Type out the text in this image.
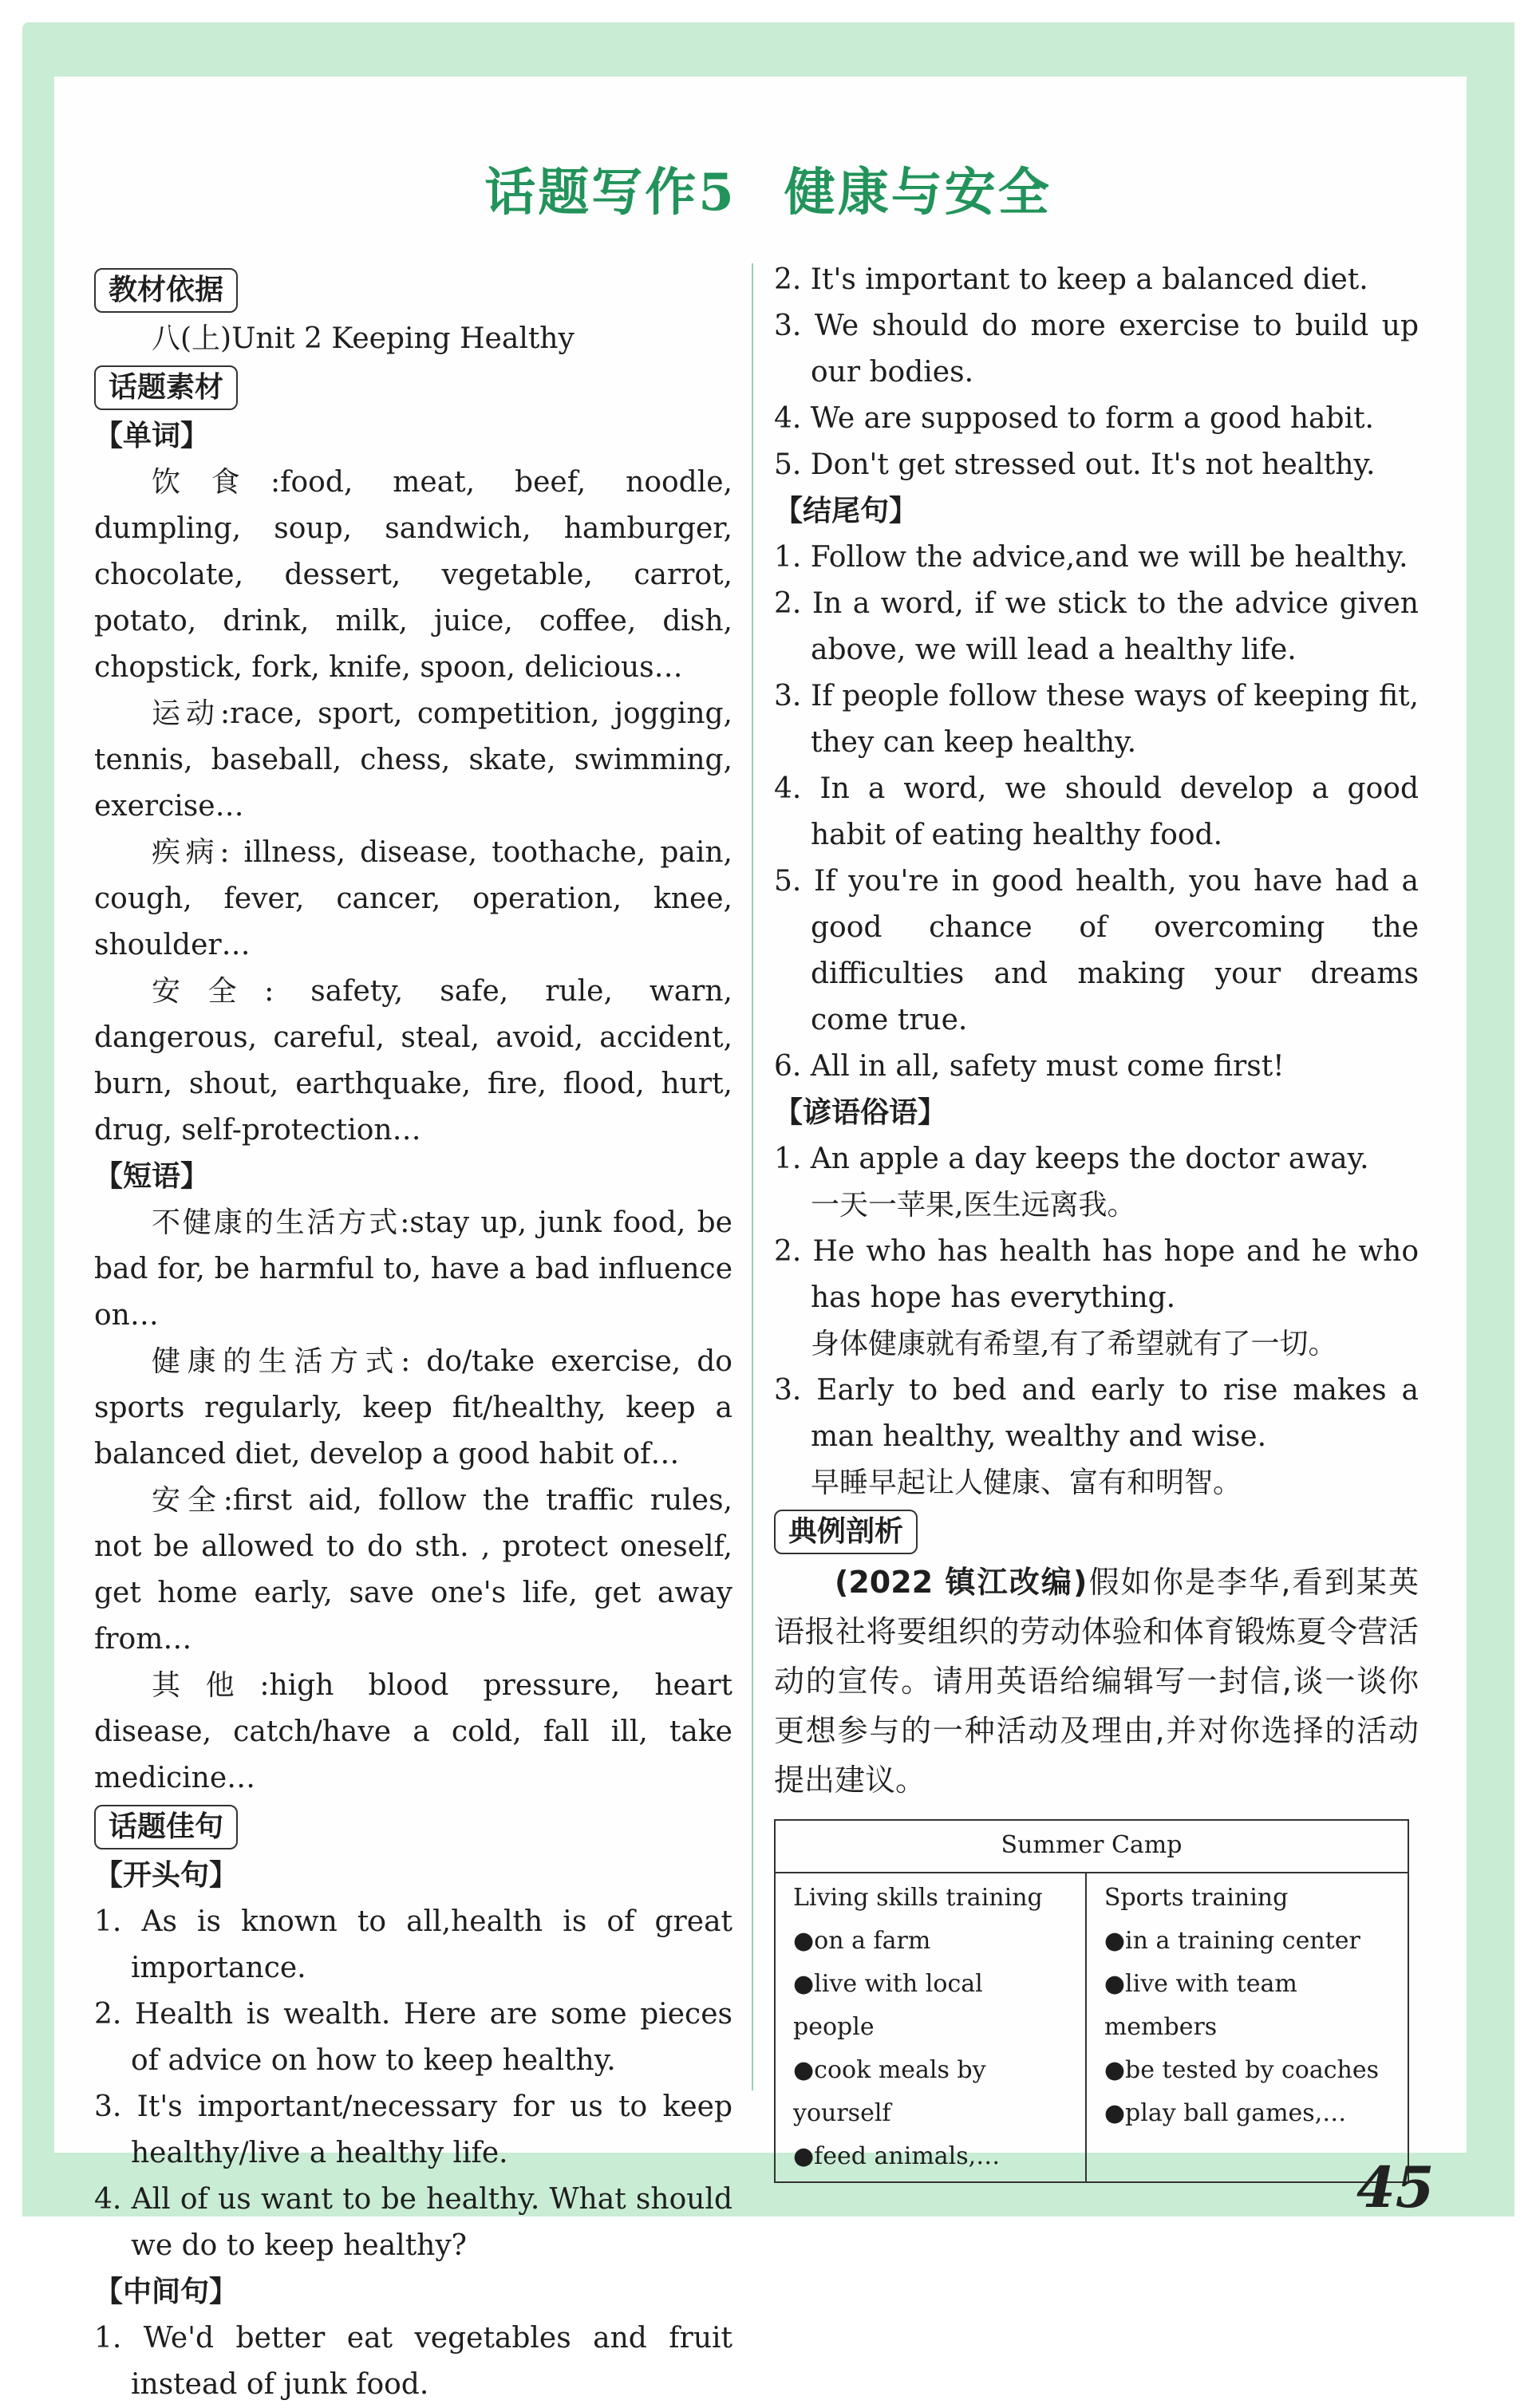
话题写作5 健康与安全
教材依据

八(上)Unit 2 Keeping Healthy

话题素材

【单词】

饮食:food, meat, beef, noodle, dumpling, soup, sandwich, hamburger, chocolate, dessert, vegetable, carrot, potato, drink, milk, juice, coffee, dish, chopstick, fork, knife, spoon, delicious…

运动:race, sport, competition, jogging, tennis, baseball, chess, skate, swimming, exercise…

疾病: illness, disease, toothache, pain, cough, fever, cancer, operation, knee, shoulder…

安全: safety, safe, rule, warn, dangerous, careful, steal, avoid, accident, burn, shout, earthquake, fire, flood, hurt, drug, self-protection…

【短语】

不健康的生活方式:stay up, junk food, be bad for, be harmful to, have a bad influence on…

健康的生活方式: do/take exercise, do sports regularly, keep fit/healthy, keep a balanced diet, develop a good habit of…

安全:first aid, follow the traffic rules, not be allowed to do sth. , protect oneself, get home early, save one's life, get away from…

其他:high blood pressure, heart disease, catch/have a cold, fall ill, take medicine…

话题佳句

【开头句】

1. As is known to all,health is of great importance.

2. Health is wealth. Here are some pieces of advice on how to keep healthy.

3. It's important/necessary for us to keep healthy/live a healthy life.

4. All of us want to be healthy. What should we do to keep healthy?

【中间句】

1. We'd better eat vegetables and fruit instead of junk food.

2. It's important to keep a balanced diet.

3. We should do more exercise to build up our bodies.

4. We are supposed to form a good habit.

5. Don't get stressed out. It's not healthy.

【结尾句】

1. Follow the advice,and we will be healthy.

2. In a word, if we stick to the advice given above, we will lead a healthy life.

3. If people follow these ways of keeping fit, they can keep healthy.

4. In a word, we should develop a good habit of eating healthy food.

5. If you're in good health, you have had a good chance of overcoming the difficulties and making your dreams come true.

6. All in all, safety must come first!

【谚语俗语】

1. An apple a day keeps the doctor away.

一天一苹果,医生远离我。

2. He who has health has hope and he who has hope has everything.

身体健康就有希望,有了希望就有了一切。

3. Early to bed and early to rise makes a man healthy, wealthy and wise.

早睡早起让人健康、富有和明智。

典例剖析

(2022 镇江改编)假如你是李华,看到某英语报社将要组织的劳动体验和体育锻炼夏令营活动的宣传。请用英语给编辑写一封信,谈一谈你更想参与的一种活动及理由,并对你选择的活动提出建议。

Summer Camp

Living skills training
●on a farm
●live with local people
●cook meals by yourself
●feed animals,…

Sports training
●in a training center
●live with team members
●be tested by coaches
●play ball games,…
45
